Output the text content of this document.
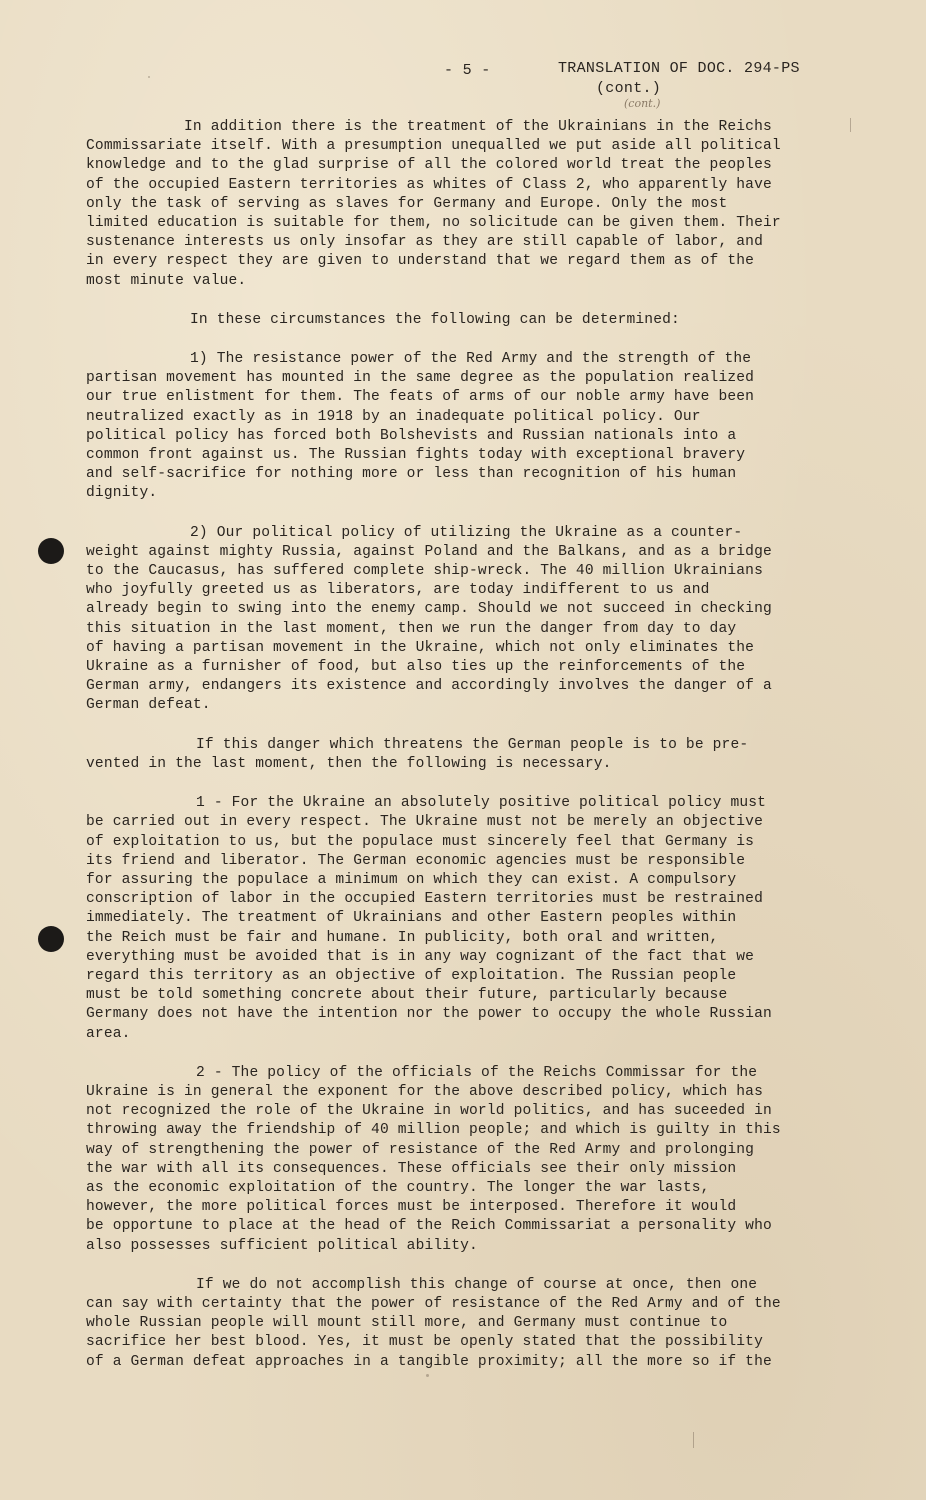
- 5 -	TRANSLATION OF DOC. 294-PS
(cont.)
(cont.)
In addition there is the treatment of the Ukrainians in the Reichs
Commissariate itself. With a presumption unequalled we put aside all political
knowledge and to the glad surprise of all the colored world treat the peoples
of the occupied Eastern territories as whites of Class 2, who apparently have
only the task of serving as slaves for Germany and Europe. Only the most
limited education is suitable for them, no solicitude can be given them. Their
sustenance interests us only insofar as they are still capable of labor, and
in every respect they are given to understand that we regard them as of the
most minute value.
In these circumstances the following can be determined:
1) The resistance power of the Red Army and the strength of the
partisan movement has mounted in the same degree as the population realized
our true enlistment for them. The feats of arms of our noble army have been
neutralized exactly as in 1918 by an inadequate political policy. Our
political policy has forced both Bolshevists and Russian nationals into a
common front against us. The Russian fights today with exceptional bravery
and self-sacrifice for nothing more or less than recognition of his human
dignity.
2) Our political policy of utilizing the Ukraine as a counter-
weight against mighty Russia, against Poland and the Balkans, and as a bridge
to the Caucasus, has suffered complete ship-wreck. The 40 million Ukrainians
who joyfully greeted us as liberators, are today indifferent to us and
already begin to swing into the enemy camp. Should we not succeed in checking
this situation in the last moment, then we run the danger from day to day
of having a partisan movement in the Ukraine, which not only eliminates the
Ukraine as a furnisher of food, but also ties up the reinforcements of the
German army, endangers its existence and accordingly involves the danger of a
German defeat.
If this danger which threatens the German people is to be pre-
vented in the last moment, then the following is necessary.
1 - For the Ukraine an absolutely positive political policy must
be carried out in every respect. The Ukraine must not be merely an objective
of exploitation to us, but the populace must sincerely feel that Germany is
its friend and liberator. The German economic agencies must be responsible
for assuring the populace a minimum on which they can exist. A compulsory
conscription of labor in the occupied Eastern territories must be restrained
immediately. The treatment of Ukrainians and other Eastern peoples within
the Reich must be fair and humane. In publicity, both oral and written,
everything must be avoided that is in any way cognizant of the fact that we
regard this territory as an objective of exploitation. The Russian people
must be told something concrete about their future, particularly because
Germany does not have the intention nor the power to occupy the whole Russian
area.
2 - The policy of the officials of the Reichs Commissar for the
Ukraine is in general the exponent for the above described policy, which has
not recognized the role of the Ukraine in world politics, and has suceeded in
throwing away the friendship of 40 million people; and which is guilty in this
way of strengthening the power of resistance of the Red Army and prolonging
the war with all its consequences. These officials see their only mission
as the economic exploitation of the country. The longer the war lasts,
however, the more political forces must be interposed. Therefore it would
be opportune to place at the head of the Reich Commissariat a personality who
also possesses sufficient political ability.
If we do not accomplish this change of course at once, then one
can say with certainty that the power of resistance of the Red Army and of the
whole Russian people will mount still more, and Germany must continue to
sacrifice her best blood. Yes, it must be openly stated that the possibility
of a German defeat approaches in a tangible proximity; all the more so if the
